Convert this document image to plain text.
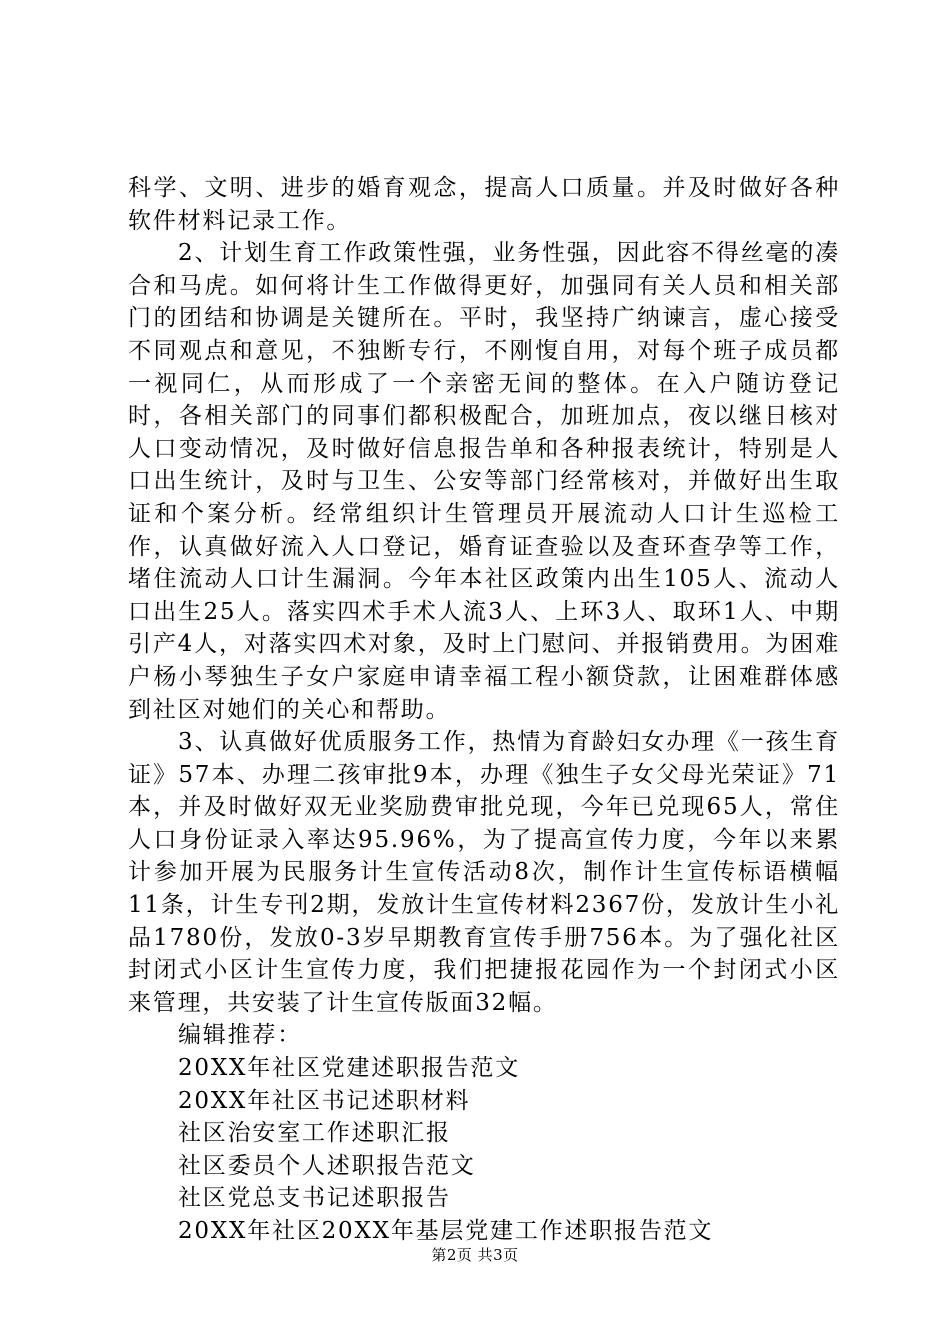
科学、文明、进步的婚育观念，提高人口质量。并及时做好各种软件材料记录工作。

2、计划生育工作政策性强，业务性强，因此容不得丝毫的凑合和马虎。如何将计生工作做得更好，加强同有关人员和相关部门的团结和协调是关键所在。平时，我坚持广纳谏言，虚心接受不同观点和意见，不独断专行，不刚愎自用，对每个班子成员都一视同仁，从而形成了一个亲密无间的整体。在入户随访登记时，各相关部门的同事们都积极配合，加班加点，夜以继日核对人口变动情况，及时做好信息报告单和各种报表统计，特别是人口出生统计，及时与卫生、公安等部门经常核对，并做好出生取证和个案分析。经常组织计生管理员开展流动人口计生巡检工作，认真做好流入人口登记，婚育证查验以及查环查孕等工作，堵住流动人口计生漏洞。今年本社区政策内出生105人、流动人口出生25人。落实四术手术人流3人、上环3人、取环1人、中期引产4人，对落实四术对象，及时上门慰问、并报销费用。为困难户杨小琴独生子女户家庭申请幸福工程小额贷款，让困难群体感到社区对她们的关心和帮助。

3、认真做好优质服务工作，热情为育龄妇女办理《一孩生育证》57本、办理二孩审批9本，办理《独生子女父母光荣证》71本，并及时做好双无业奖励费审批兑现，今年已兑现65人，常住人口身份证录入率达95.96%，为了提高宣传力度，今年以来累计参加开展为民服务计生宣传活动8次，制作计生宣传标语横幅11条，计生专刊2期，发放计生宣传材料2367份，发放计生小礼品1780份，发放0-3岁早期教育宣传手册756本。为了强化社区封闭式小区计生宣传力度，我们把捷报花园作为一个封闭式小区来管理，共安装了计生宣传版面32幅。

编辑推荐：

20XX年社区党建述职报告范文
20XX年社区书记述职材料
社区治安室工作述职汇报
社区委员个人述职报告范文
社区党总支书记述职报告
20XX年社区20XX年基层党建工作述职报告范文
第2页 共3页
